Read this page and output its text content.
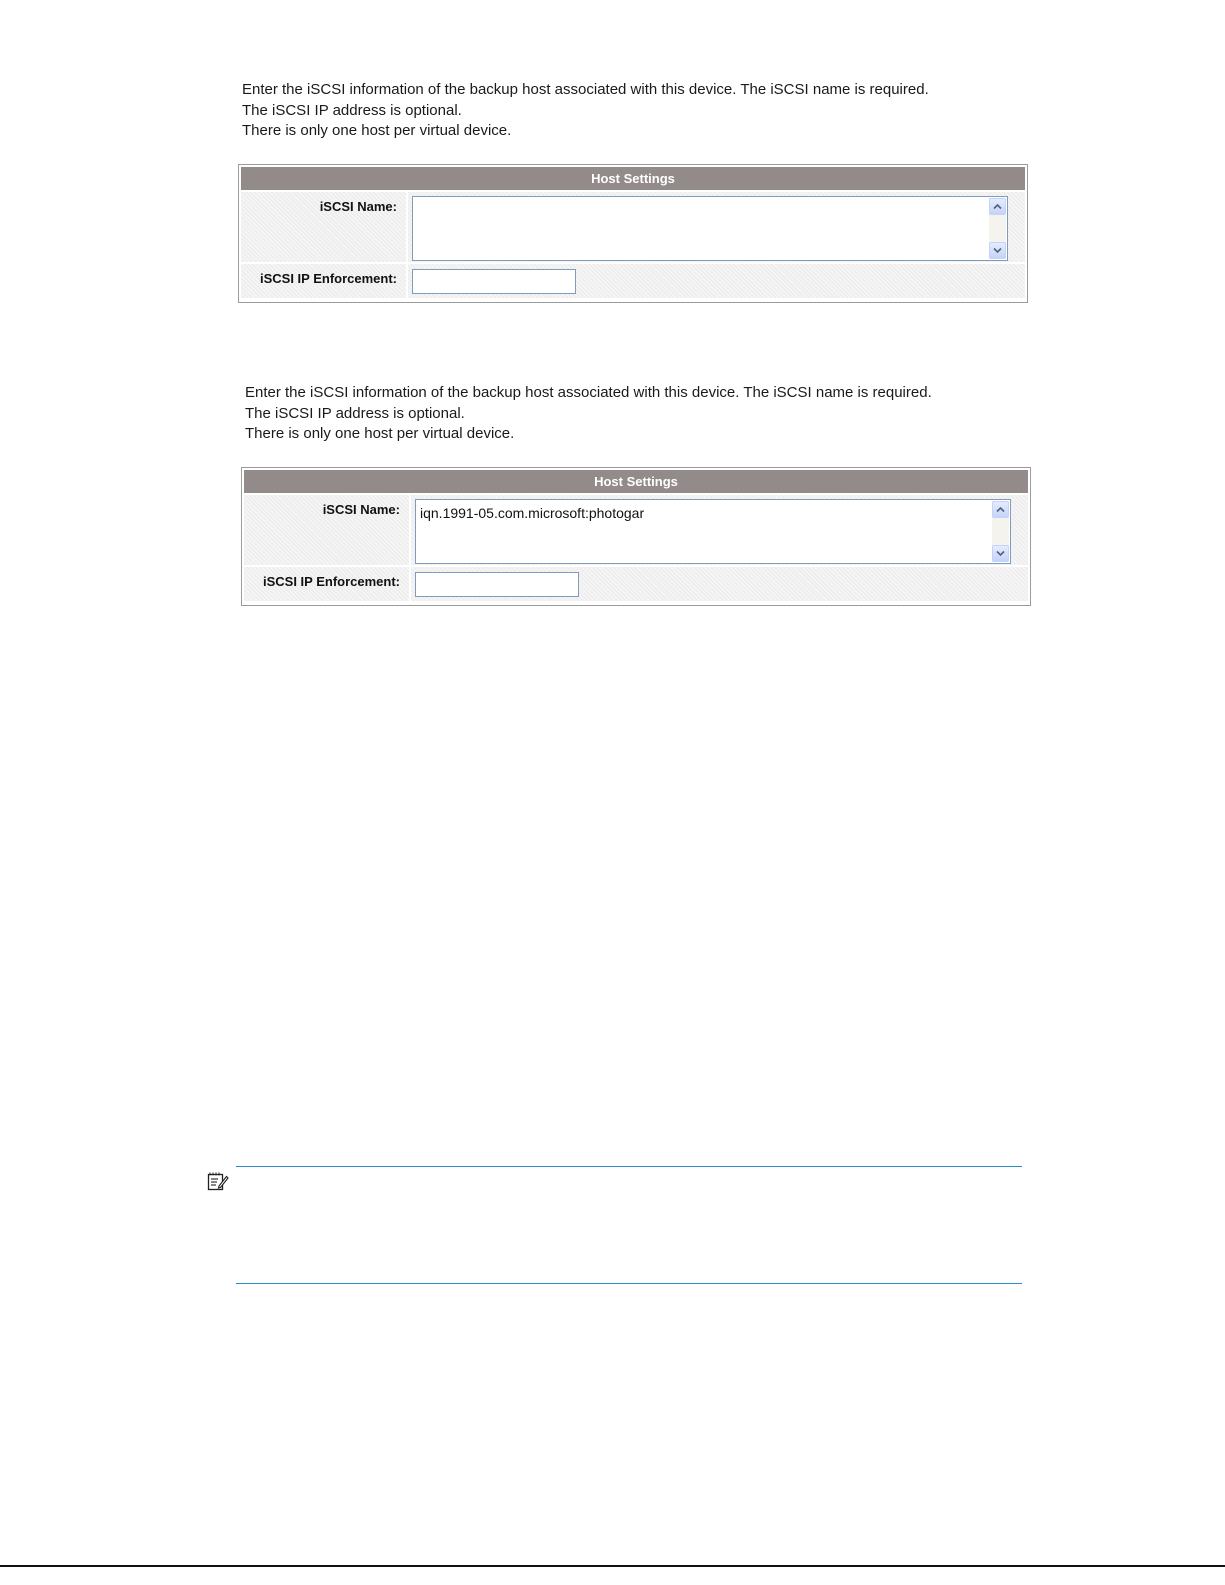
Enter the iSCSI information of the backup host associated with this device. The iSCSI name is required.
The iSCSI IP address is optional.
There is only one host per virtual device.
Host Settings
iSCSI Name:
iSCSI IP Enforcement:
Enter the iSCSI information of the backup host associated with this device. The iSCSI name is required.
The iSCSI IP address is optional.
There is only one host per virtual device.
Host Settings
iSCSI Name:	iqn.1991-05.com.microsoft:photogar
iSCSI IP Enforcement:
